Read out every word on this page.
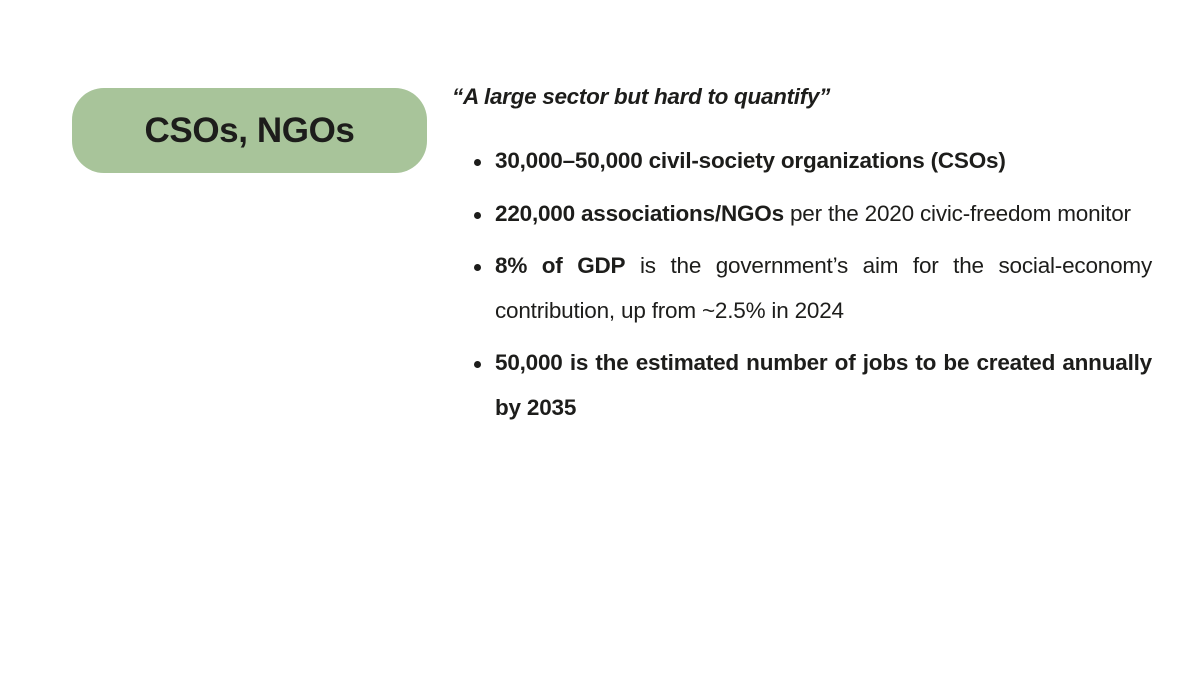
CSOs, NGOs

“A large sector but hard to quantify”

30,000–50,000 civil-society organizations (CSOs)
220,000 associations/NGOs per the 2020 civic-freedom monitor
8% of GDP is the government’s aim for the social-economy contribution, up from ~2.5% in 2024
50,000 is the estimated number of jobs to be created annually by 2035
